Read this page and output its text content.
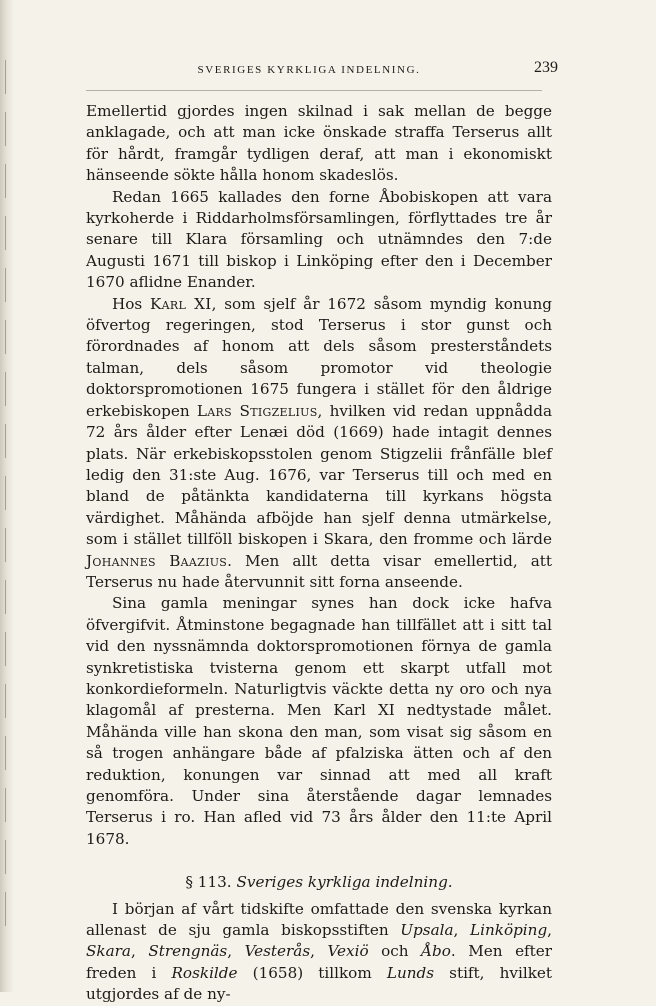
SVERIGES KYRKLIGA INDELNING.	239

Emellertid gjordes ingen skilnad i sak mellan de begge anklagade, och att man icke önskade straffa Terserus allt för hårdt, framgår tydligen deraf, att man i ekonomiskt hänseende sökte hålla honom skadeslös.

Redan 1665 kallades den forne Åbobiskopen att vara kyrkoherde i Riddarholmsförsamlingen, förflyttades tre år senare till Klara församling och utnämndes den 7:de Augusti 1671 till biskop i Linköping efter den i December 1670 aflidne Enander.

Hos Karl XI, som sjelf år 1672 såsom myndig konung öfvertog regeringen, stod Terserus i stor gunst och förordnades af honom att dels såsom presterståndets talman, dels såsom promotor vid theologie doktorspromotionen 1675 fungera i stället för den åldrige erkebiskopen Lars Stigzelius, hvilken vid redan uppnådda 72 års ålder efter Lenæi död (1669) hade intagit dennes plats. När erkebiskopsstolen genom Stigzelii frånfälle blef ledig den 31:ste Aug. 1676, var Terserus till och med en bland de påtänkta kandidaterna till kyrkans högsta värdighet. Måhända afböjde han sjelf denna utmärkelse, som i stället tillföll biskopen i Skara, den fromme och lärde Johannes Baazius. Men allt detta visar emellertid, att Terserus nu hade återvunnit sitt forna anseende.

Sina gamla meningar synes han dock icke hafva öfvergifvit. Åtminstone begagnade han tillfället att i sitt tal vid den nyssnämnda doktorspromotionen förnya de gamla synkretistiska tvisterna genom ett skarpt utfall mot konkordieformeln. Naturligtvis väckte detta ny oro och nya klagomål af presterna. Men Karl XI nedtystade målet. Måhända ville han skona den man, som visat sig såsom en så trogen anhängare både af pfalziska ätten och af den reduktion, konungen var sinnad att med all kraft genomföra. Under sina återstående dagar lemnades Terserus i ro. Han afled vid 73 års ålder den 11:te April 1678.

§ 113. Sveriges kyrkliga indelning.

I början af vårt tidskifte omfattade den svenska kyrkan allenast de sju gamla biskopsstiften Upsala, Linköping, Skara, Strengnäs, Vesterås, Vexiö och Åbo. Men efter freden i Roskilde (1658) tillkom Lunds stift, hvilket utgjordes af de ny-
